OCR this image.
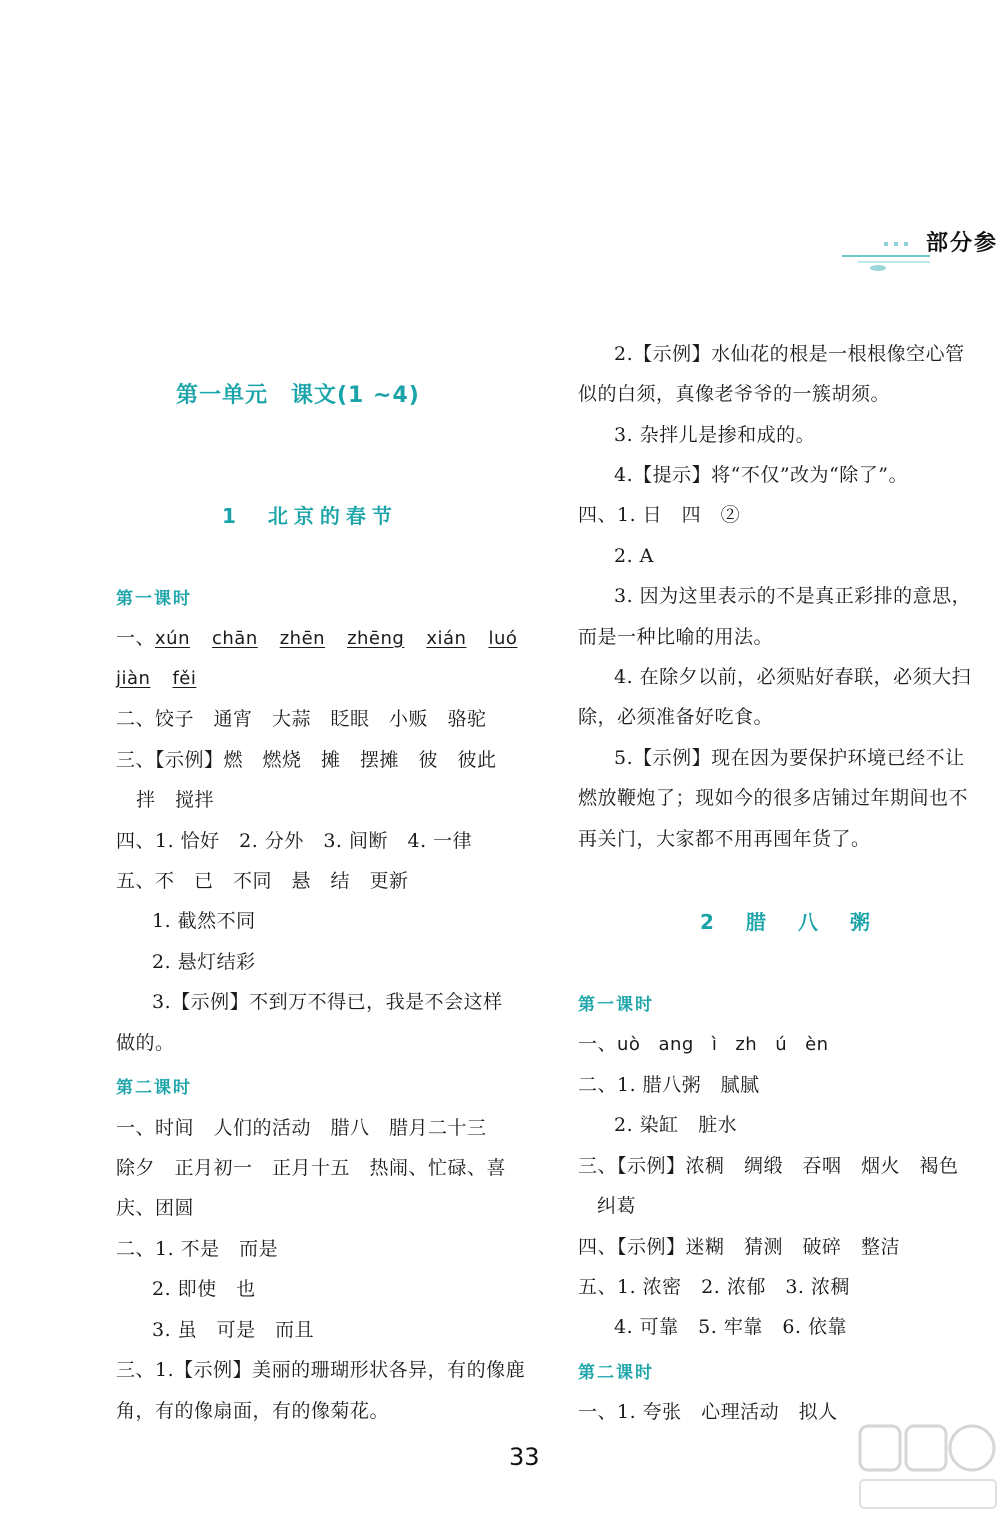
部分参
第一单元　课文(1 ~4)
1　北京的春节
第一课时
一、xún chān zhēn zhēng xián luó
jiàn fěi
二、饺子　通宵　大蒜　眨眼　小贩　骆驼
三、【示例】燃　燃烧　摊　摆摊　彼　彼此
拌　搅拌
四、1. 恰好　2. 分外　3. 间断　4. 一律
五、不　已　不同　悬　结　更新
1. 截然不同
2. 悬灯结彩
3.【示例】不到万不得已，我是不会这样
做的。
第二课时
一、时间　人们的活动　腊八　腊月二十三
除夕　正月初一　正月十五　热闹、忙碌、喜
庆、团圆
二、1. 不是　而是
2. 即使　也
3. 虽　可是　而且
三、1.【示例】美丽的珊瑚形状各异，有的像鹿
角，有的像扇面，有的像菊花。
2.【示例】水仙花的根是一根根像空心管
似的白须，真像老爷爷的一簇胡须。
3. 杂拌儿是掺和成的。
4.【提示】将“不仅”改为“除了”。
四、1. 日　四　②
2. A
3. 因为这里表示的不是真正彩排的意思，
而是一种比喻的用法。
4. 在除夕以前，必须贴好春联，必须大扫
除，必须准备好吃食。
5.【示例】现在因为要保护环境已经不让
燃放鞭炮了；现如今的很多店铺过年期间也不
再关门，大家都不用再囤年货了。
2　腊　八　粥
第一课时
一、uò ang ì zh ú èn
二、1. 腊八粥　腻腻
2. 染缸　脏水
三、【示例】浓稠　绸缎　吞咽　烟火　褐色
纠葛
四、【示例】迷糊　猜测　破碎　整洁
五、1. 浓密　2. 浓郁　3. 浓稠
4. 可靠　5. 牢靠　6. 依靠
第二课时
一、1. 夸张　心理活动　拟人
33
